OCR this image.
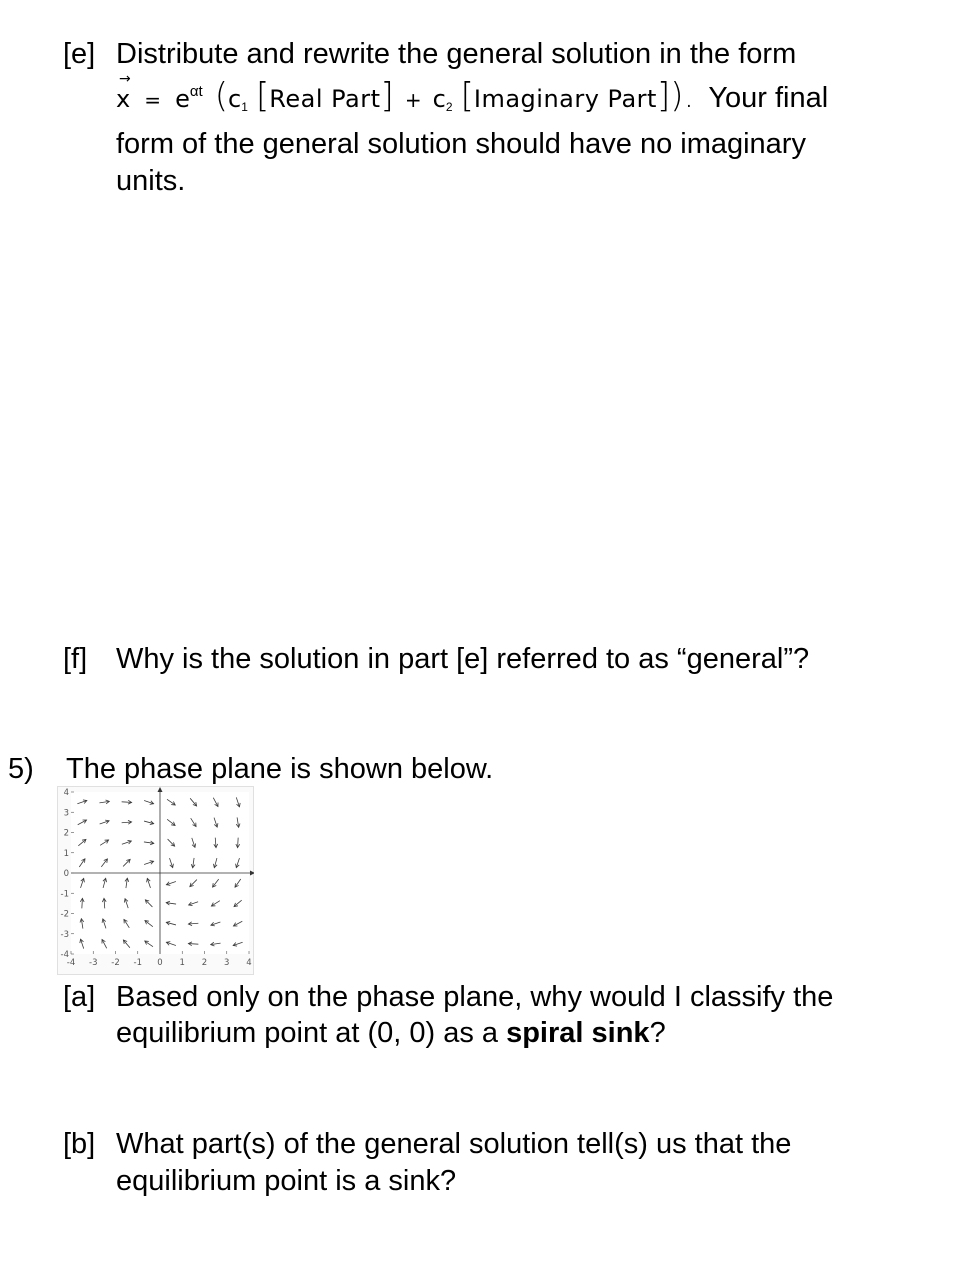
[e] Distribute and rewrite the general solution in the form
→ $x = e^{\alpha t}$ ($c_1$ [Real Part] + $c_2$ [Imaginary Part]). Your final
form of the general solution should have no imaginary
units.
[f] Why is the solution in part [e] referred to as “general”?
5) The phase plane is shown below.
-4 -3 -2 -1 0 1 2 3 4
4
3
2
1
0
-1
-2
-3
-4
[a] Based only on the phase plane, why would I classify the
equilibrium point at (0, 0) as a spiral sink?
[b] What part(s) of the general solution tell(s) us that the
equilibrium point is a sink?
